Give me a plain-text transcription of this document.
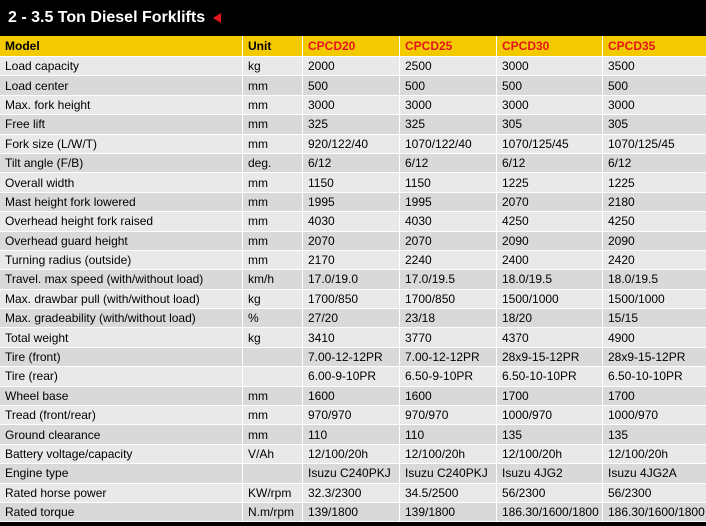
2 - 3.5 Ton Diesel Forklifts
Model	Unit	CPCD20	CPCD25	CPCD30	CPCD35
Load capacity	kg	2000	2500	3000	3500
Load center	mm	500	500	500	500
Max. fork height	mm	3000	3000	3000	3000
Free lift	mm	325	325	305	305
Fork size (L/W/T)	mm	920/122/40	1070/122/40	1070/125/45	1070/125/45
Tilt angle (F/B)	deg.	6/12	6/12	6/12	6/12
Overall width	mm	1150	1150	1225	1225
Mast height fork lowered	mm	1995	1995	2070	2180
Overhead height fork raised	mm	4030	4030	4250	4250
Overhead guard height	mm	2070	2070	2090	2090
Turning radius (outside)	mm	2170	2240	2400	2420
Travel. max speed (with/without load)	km/h	17.0/19.0	17.0/19.5	18.0/19.5	18.0/19.5
Max. drawbar pull (with/without load)	kg	1700/850	1700/850	1500/1000	1500/1000
Max. gradeability (with/without load)	%	27/20	23/18	18/20	15/15
Total weight	kg	3410	3770	4370	4900
Tire (front)		7.00-12-12PR	7.00-12-12PR	28x9-15-12PR	28x9-15-12PR
Tire (rear)		6.00-9-10PR	6.50-9-10PR	6.50-10-10PR	6.50-10-10PR
Wheel base	mm	1600	1600	1700	1700
Tread (front/rear)	mm	970/970	970/970	1000/970	1000/970
Ground clearance	mm	110	110	135	135
Battery voltage/capacity	V/Ah	12/100/20h	12/100/20h	12/100/20h	12/100/20h
Engine type		Isuzu C240PKJ	Isuzu C240PKJ	Isuzu 4JG2	Isuzu 4JG2A
Rated horse power	KW/rpm	32.3/2300	34.5/2500	56/2300	56/2300
Rated torque	N.m/rpm	139/1800	139/1800	186.30/1600/1800	186.30/1600/1800
